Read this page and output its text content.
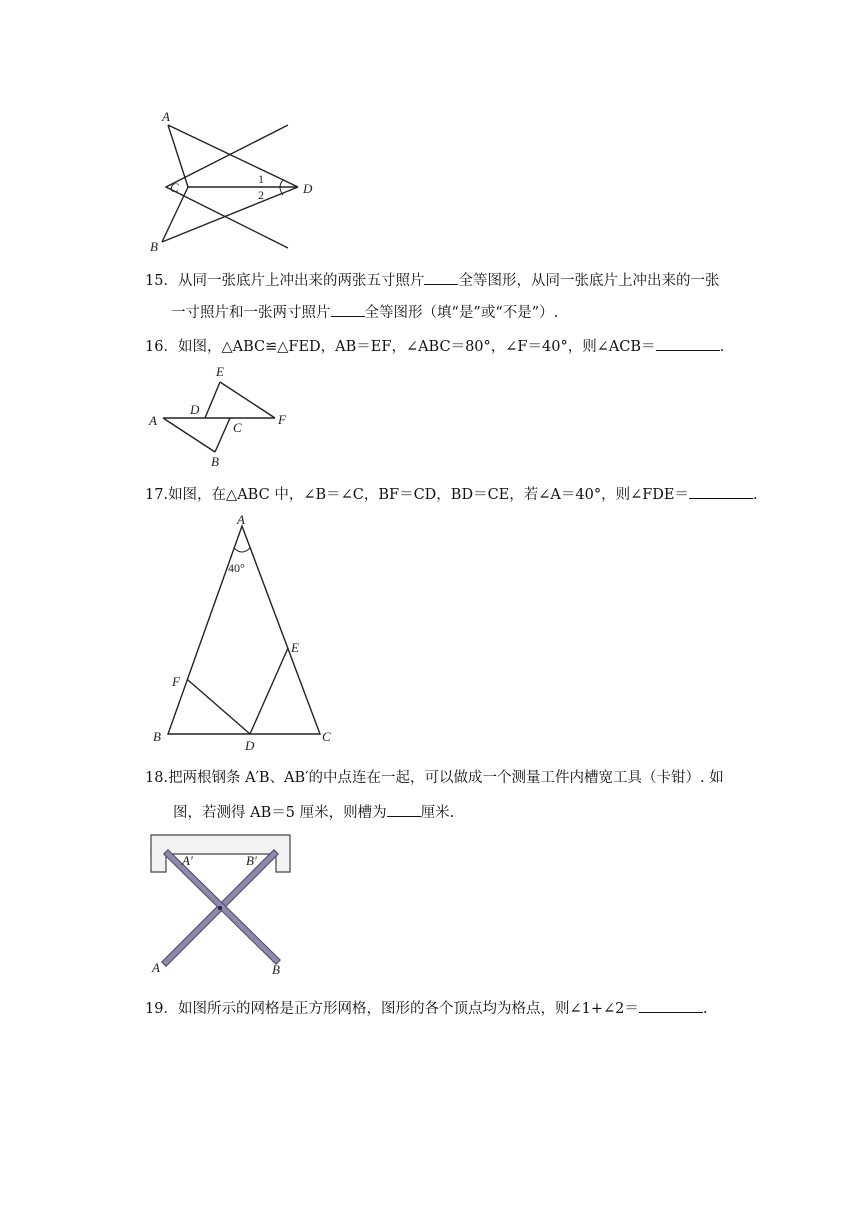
A
C
B
D
1
2
15．从同一张底片上冲出来的两张五寸照片 全等图形，从同一张底片上冲出来的一张
一寸照片和一张两寸照片 全等图形（填“是”或“不是”）.
16．如图，△ABC≌△FED，AB＝EF，∠ABC＝80°，∠F＝40°，则∠ACB＝	.
E
D
A	C
F
B
17.如图，在△ABC 中，∠B＝∠C，BF＝CD，BD＝CE，若∠A＝40°，则∠FDE＝	.
A
40°
E
F
B
D
C
18.把两根钢条 A′B、AB′的中点连在一起，可以做成一个测量工件内槽宽工具（卡钳）. 如
图，若测得 AB＝5 厘米，则槽为 厘米.
A′	B′
A	B
19．如图所示的网格是正方形网格，图形的各个顶点均为格点，则∠1+∠2＝	.
